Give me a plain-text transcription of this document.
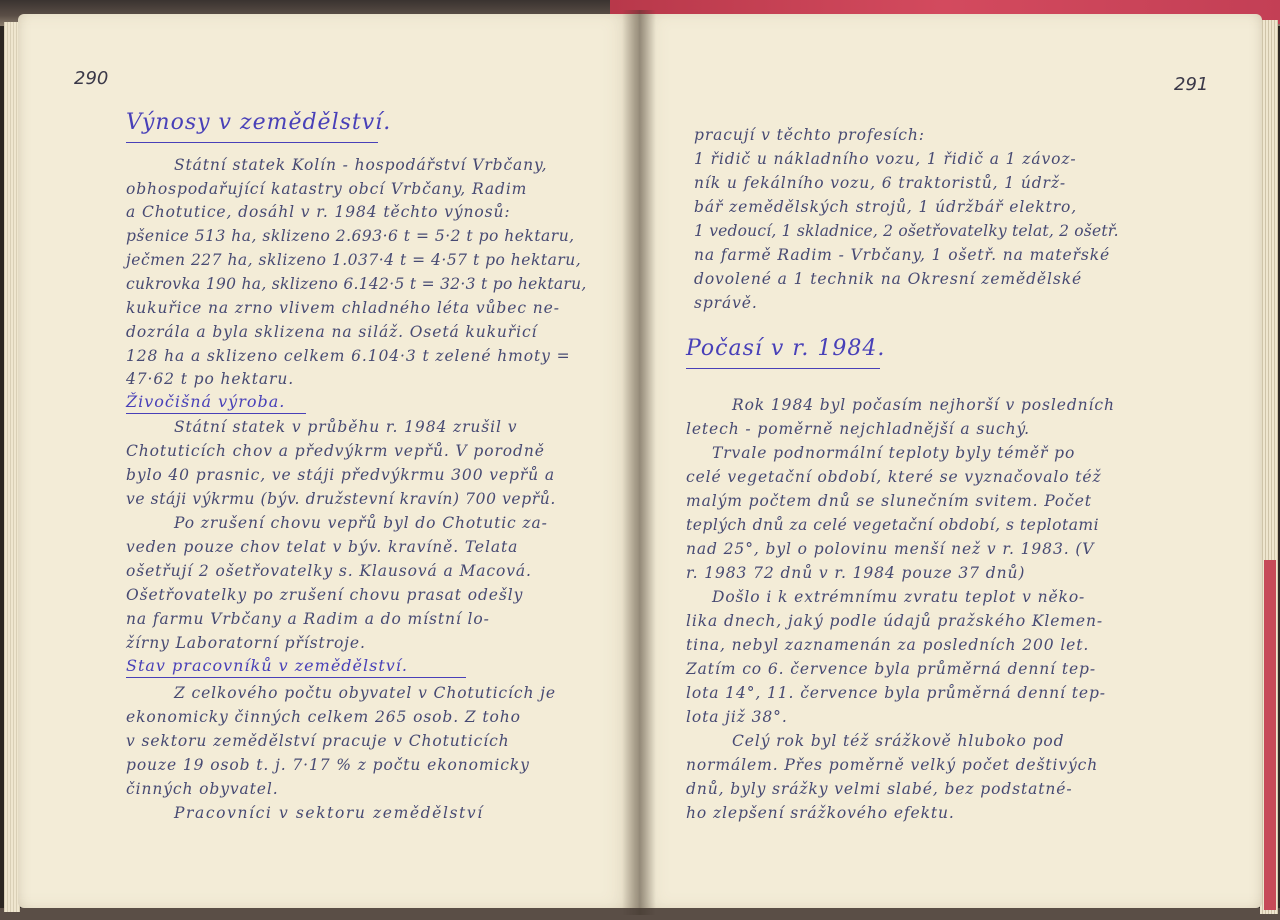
290
Výnosy v zemědělství.

Státní statek Kolín - hospodářství Vrbčany,

obhospodařující katastry obcí Vrbčany, Radim

a Chotutice, dosáhl v r. 1984 těchto výnosů:

pšenice 513 ha, sklizeno 2.693·6 t = 5·2 t po hektaru,

ječmen 227 ha, sklizeno 1.037·4 t = 4·57 t po hektaru,

cukrovka 190 ha, sklizeno 6.142·5 t = 32·3 t po hektaru,

kukuřice na zrno vlivem chladného léta vůbec ne-

dozrála a byla sklizena na siláž. Osetá kukuřicí

128 ha a sklizeno celkem 6.104·3 t zelené hmoty =

47·62 t po hektaru.

Živočišná výroba.

Státní statek v průběhu r. 1984 zrušil v

Chotuticích chov a předvýkrm vepřů. V porodně

bylo 40 prasnic, ve stáji předvýkrmu 300 vepřů a

ve stáji výkrmu (býv. družstevní kravín) 700 vepřů.

Po zrušení chovu vepřů byl do Chotutic za-

veden pouze chov telat v býv. kravíně. Telata

ošetřují 2 ošetřovatelky s. Klausová a Macová.

Ošetřovatelky po zrušení chovu prasat odešly

na farmu Vrbčany a Radim a do místní lo-

žírny Laboratorní přístroje.

Stav pracovníků v zemědělství.

Z celkového počtu obyvatel v Chotuticích je

ekonomicky činných celkem 265 osob. Z toho

v sektoru zemědělství pracuje v Chotuticích

pouze 19 osob t. j. 7·17 % z počtu ekonomicky

činných obyvatel.

Pracovníci v sektoru zemědělství

291

pracují v těchto profesích:

1 řidič u nákladního vozu, 1 řidič a 1 závoz-

ník u fekálního vozu, 6 traktoristů, 1 údrž-

bář zemědělských strojů, 1 údržbář elektro,

1 vedoucí, 1 skladnice, 2 ošetřovatelky telat, 2 ošetř.

na farmě Radim - Vrbčany, 1 ošetř. na mateřské

dovolené a 1 technik na Okresní zemědělské

správě.

Počasí v r. 1984.

Rok 1984 byl počasím nejhorší v posledních

letech - poměrně nejchladnější a suchý.

Trvale podnormální teploty byly téměř po

celé vegetační období, které se vyznačovalo též

malým počtem dnů se slunečním svitem. Počet

teplých dnů za celé vegetační období, s teplotami

nad 25°, byl o polovinu menší než v r. 1983. (V

r. 1983 72 dnů v r. 1984 pouze 37 dnů)

Došlo i k extrémnímu zvratu teplot v něko-

lika dnech, jaký podle údajů pražského Klemen-

tina, nebyl zaznamenán za posledních 200 let.

Zatím co 6. července byla průměrná denní tep-

lota 14°, 11. července byla průměrná denní tep-

lota již 38°.

Celý rok byl též srážkově hluboko pod

normálem. Přes poměrně velký počet deštivých

dnů, byly srážky velmi slabé, bez podstatné-

ho zlepšení srážkového efektu.
